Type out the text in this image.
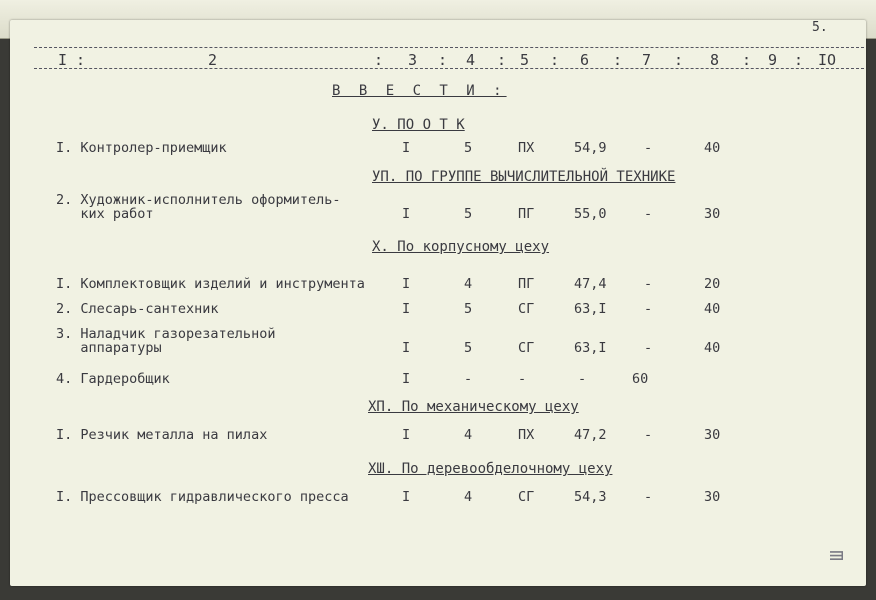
5.
I :	2	: 3 : 4 : 5 : 6 : 7 : 8 : 9 : IO
В В Е С Т И :
У. ПО О Т К
I. Контролер-приемщик	I	5	ПХ	54,9	-	40
УП. ПО ГРУППЕ ВЫЧИСЛИТЕЛЬНОЙ ТЕХНИКЕ
2. Художник-исполнитель оформитель-
ких работ	I	5	ПГ	55,0	-	30
Х. По корпусному цеху
I. Комплектовщик изделий и инструмента	I	4	ПГ	47,4	-	20
2. Слесарь-сантехник	I	5	СГ	63,I	-	40
3. Наладчик газорезательной
аппаратуры	I	5	СГ	63,I	-	40
4. Гардеробщик	I	-	-	-	60
ХП. По механическому цеху
I. Резчик металла на пилах	I	4	ПХ	47,2	-	30
ХШ. По деревообделочному цеху
I. Прессовщик гидравлического пресса	I	4	СГ	54,3	-	30
Ш
